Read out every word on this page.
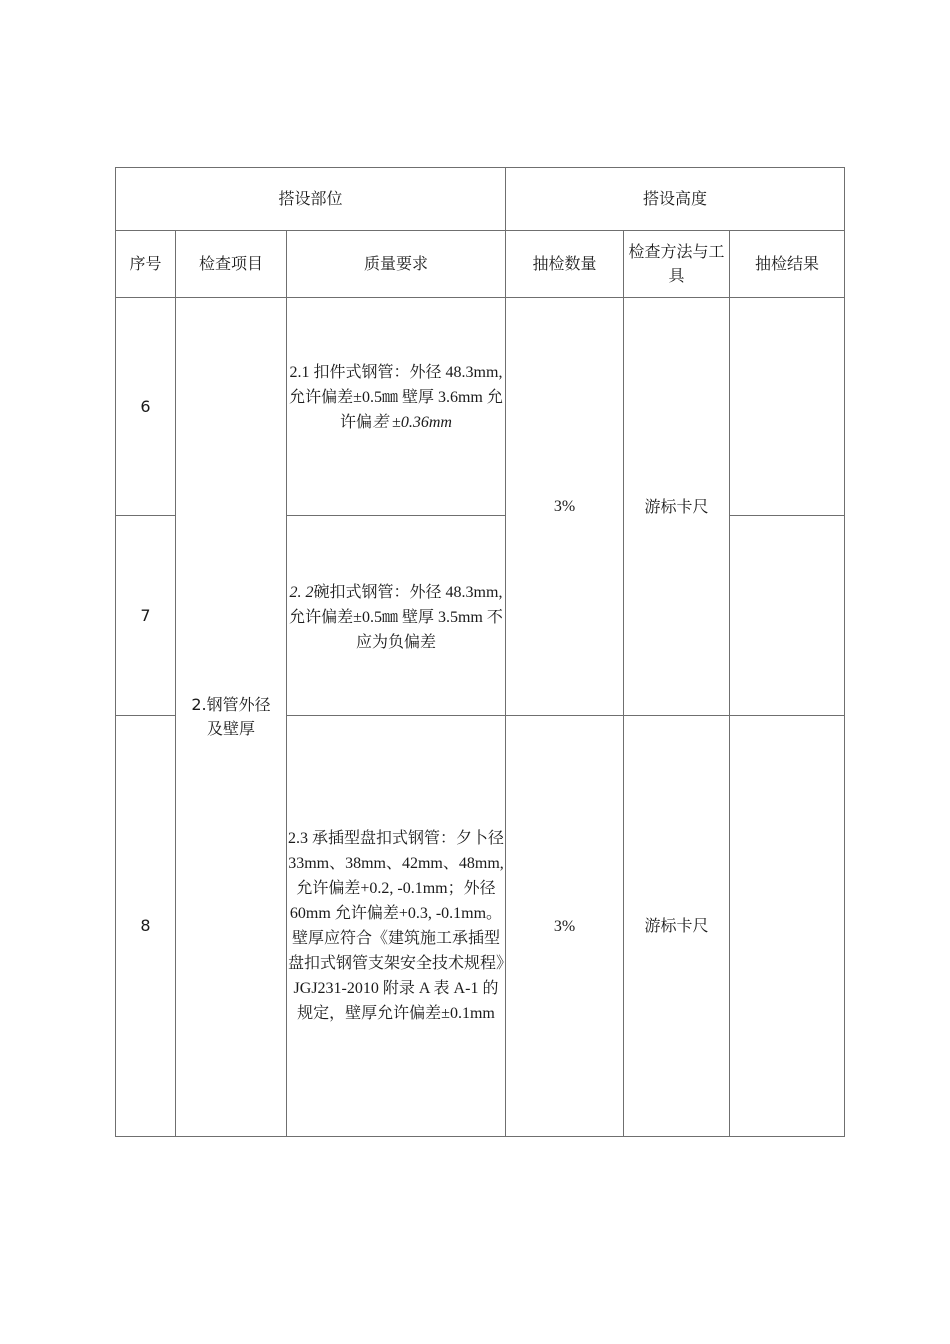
搭设部位			搭设高度		
序号	检查项目	质量要求	抽检数量	检查方法与工具	抽检结果
6	2.钢管外径及壁厚	2.1 扣件式钢管：外径 48.3mm, 允许偏差±0.5㎜ 壁厚 3.6mm 允许偏差 ±0.36mm	3%	游标卡尺	
7		2. 2碗扣式钢管：外径 48.3mm, 允许偏差±0.5㎜ 壁厚 3.5mm 不应为负偏差			
8		2.3 承插型盘扣式钢管：夕卜径 33mm、38mm、42mm、48mm, 允许偏差+0.2, -0.1mm；外径 60mm 允许偏差+0.3, -0.1mm。壁厚应符合《建筑施工承插型盘扣式钢管支架安全技术规程》JGJ231-2010 附录 A 表 A-1 的规定，壁厚允许偏差±0.1mm	3%	游标卡尺	
